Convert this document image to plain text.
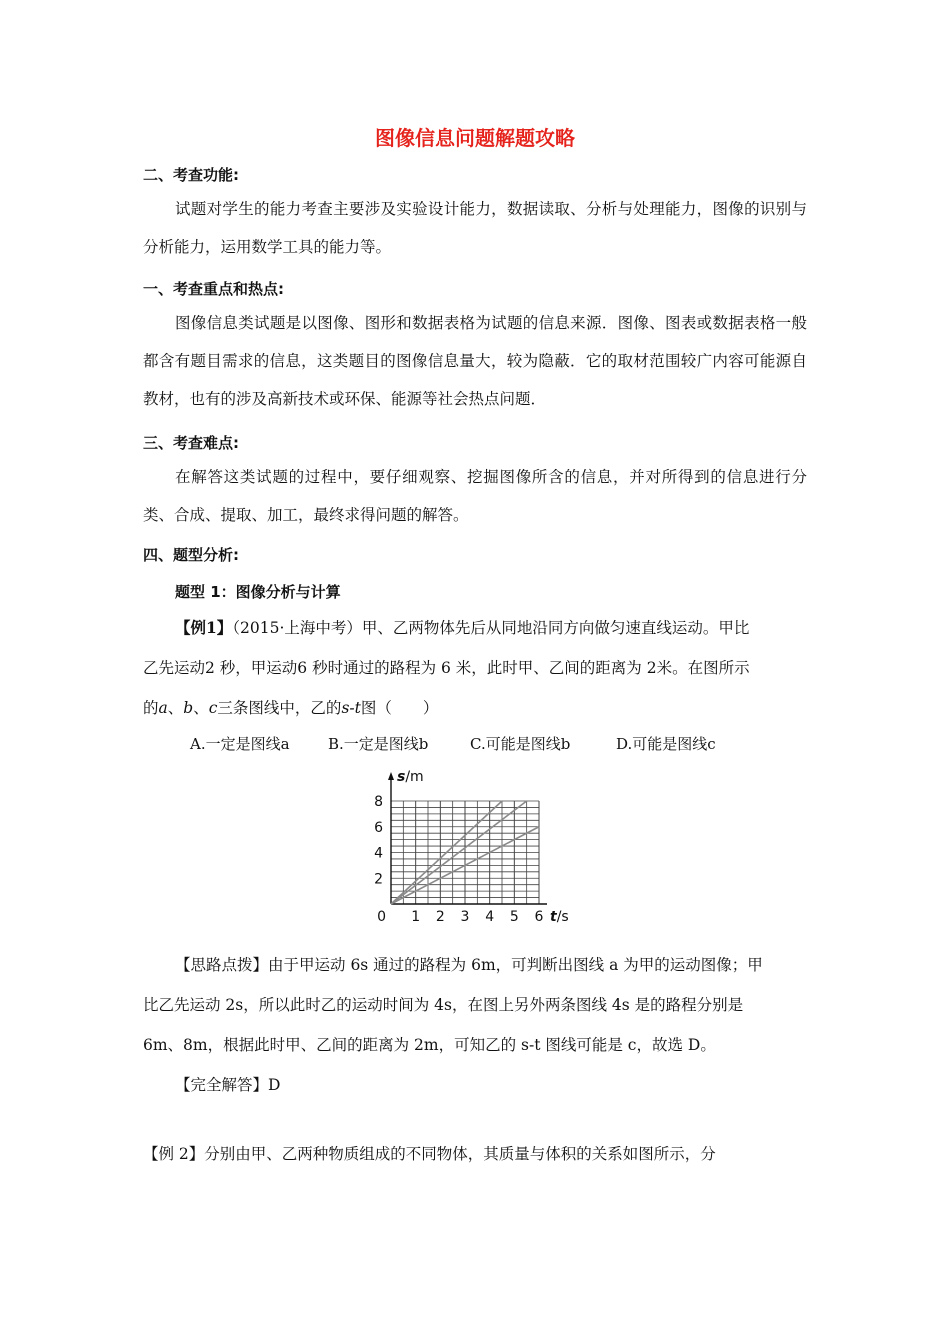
图像信息问题解题攻略
二、考查功能:
试题对学生的能力考查主要涉及实验设计能力，数据读取、分析与处理能力，图像的识别与分析能力，运用数学工具的能力等。
一、考查重点和热点:
图像信息类试题是以图像、图形和数据表格为试题的信息来源．图像、图表或数据表格一般都含有题目需求的信息，这类题目的图像信息量大，较为隐蔽．它的取材范围较广内容可能源自教材，也有的涉及高新技术或环保、能源等社会热点问题．
三、考查难点:
在解答这类试题的过程中，要仔细观察、挖掘图像所含的信息，并对所得到的信息进行分类、合成、提取、加工，最终求得问题的解答。
四、题型分析:
题型 1：图像分析与计算
【例1】（2015·上海中考）甲、乙两物体先后从同地沿同方向做匀速直线运动。甲比
乙先运动2 秒，甲运动6 秒时通过的路程为 6 米，此时甲、乙间的距离为 2米。在图所示
的a、b、c三条图线中，乙的s-t图（　　）
A.一定是图线a	B.一定是图线b	C.可能是图线b	D.可能是图线c
2
4
6
8
1 2 3 4 5 6
0
s/m
t/s
【思路点拨】由于甲运动 6s 通过的路程为 6m，可判断出图线 a 为甲的运动图像；甲
比乙先运动 2s，所以此时乙的运动时间为 4s，在图上另外两条图线 4s 是的路程分别是
6m、8m，根据此时甲、乙间的距离为 2m，可知乙的 s-t 图线可能是 c，故选 D。
【完全解答】D
【例 2】分别由甲、乙两种物质组成的不同物体，其质量与体积的关系如图所示，分
